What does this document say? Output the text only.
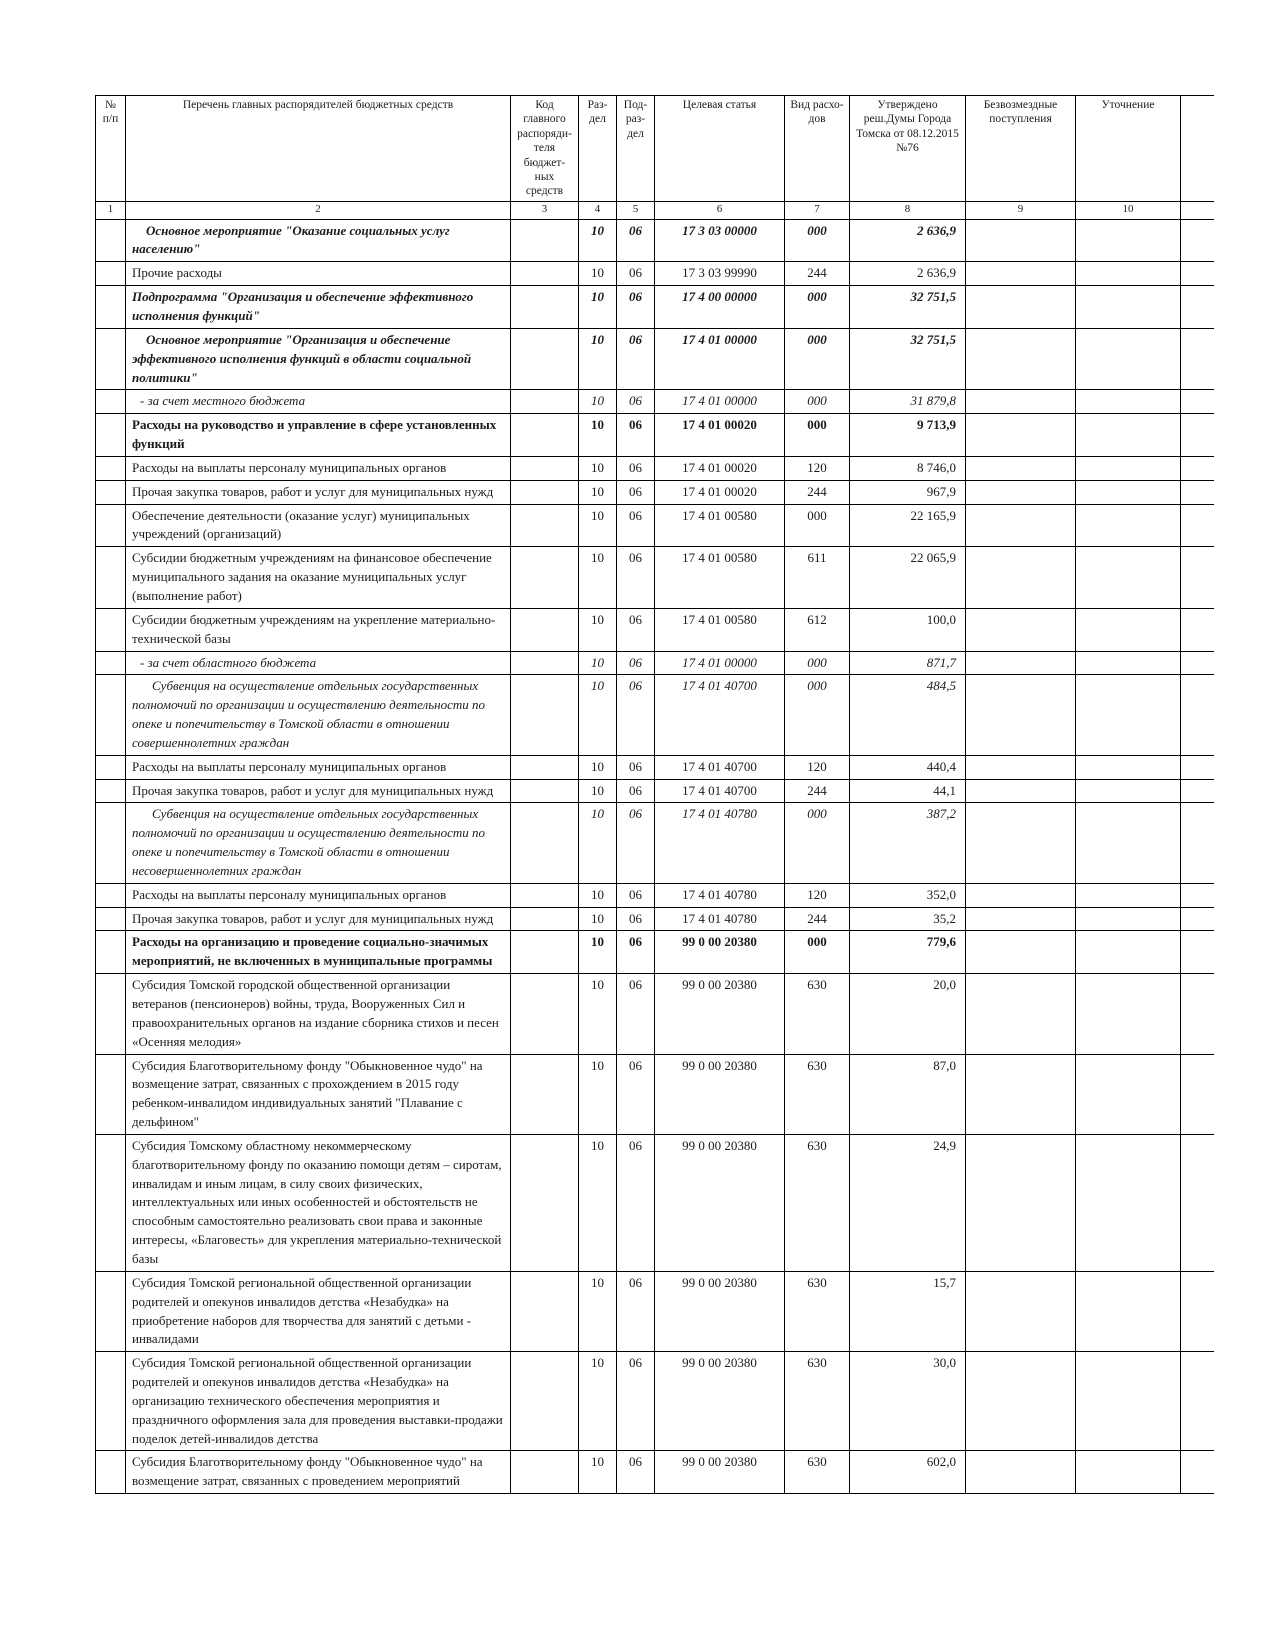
№ п/п	Перечень главных распорядителей бюджетных средств	Код главного распоряди-теля бюджет-ных средств	Раз-дел	Под-раз-дел	Целевая статья	Вид расхо-дов	Утверждено реш.Думы Города Томска от 08.12.2015 №76	Безвозмездные поступления	Уточнение	
1	2	3	4	5	6	7	8	9	10	
	Основное мероприятие "Оказание социальных услуг населению"		10	06	17 3 03 00000	000	2 636,9			
	Прочие расходы		10	06	17 3 03 99990	244	2 636,9			
	Подпрограмма "Организация и обеспечение эффективного исполнения функций"		10	06	17 4 00 00000	000	32 751,5			
	Основное мероприятие "Организация и обеспечение эффективного исполнения функций в области социальной политики"		10	06	17 4 01 00000	000	32 751,5			
	- за счет местного бюджета		10	06	17 4 01 00000	000	31 879,8			
	Расходы на руководство и управление в сфере установленных функций		10	06	17 4 01 00020	000	9 713,9			
	Расходы на выплаты персоналу муниципальных органов		10	06	17 4 01 00020	120	8 746,0			
	Прочая закупка товаров, работ и услуг для муниципальных нужд		10	06	17 4 01 00020	244	967,9			
	Обеспечение деятельности (оказание услуг) муниципальных учреждений (организаций)		10	06	17 4 01 00580	000	22 165,9			
	Субсидии бюджетным учреждениям на финансовое обеспечение муниципального задания на оказание муниципальных услуг (выполнение работ)		10	06	17 4 01 00580	611	22 065,9			
	Субсидии бюджетным учреждениям на укрепление материально-технической базы		10	06	17 4 01 00580	612	100,0			
	- за счет областного бюджета		10	06	17 4 01 00000	000	871,7			
	Субвенция на осуществление отдельных государственных полномочий по организации и осуществлению деятельности по опеке и попечительству в Томской области в отношении совершеннолетних граждан		10	06	17 4 01 40700	000	484,5			
	Расходы на выплаты персоналу муниципальных органов		10	06	17 4 01 40700	120	440,4			
	Прочая закупка товаров, работ и услуг для муниципальных нужд		10	06	17 4 01 40700	244	44,1			
	Субвенция на осуществление отдельных государственных полномочий по организации и осуществлению деятельности по опеке и попечительству в Томской области в отношении несовершеннолетних граждан		10	06	17 4 01 40780	000	387,2			
	Расходы на выплаты персоналу муниципальных органов		10	06	17 4 01 40780	120	352,0			
	Прочая закупка товаров, работ и услуг для муниципальных нужд		10	06	17 4 01 40780	244	35,2			
	Расходы на организацию и проведение социально-значимых мероприятий, не включенных в муниципальные программы		10	06	99 0 00 20380	000	779,6			
	Субсидия Томской городской общественной организации ветеранов (пенсионеров) войны, труда, Вооруженных Сил и правоохранительных органов на издание сборника стихов и песен «Осенняя мелодия»		10	06	99 0 00 20380	630	20,0			
	Субсидия Благотворительному фонду "Обыкновенное чудо" на возмещение затрат, связанных с прохождением в 2015 году ребенком-инвалидом индивидуальных занятий "Плавание с дельфином"		10	06	99 0 00 20380	630	87,0			
	Субсидия Томскому областному некоммерческому благотворительному фонду по оказанию помощи детям – сиротам, инвалидам и иным лицам, в силу своих физических, интеллектуальных или иных особенностей и обстоятельств не способным самостоятельно реализовать свои права и законные интересы, «Благовесть» для укрепления материально-технической базы		10	06	99 0 00 20380	630	24,9			
	Субсидия Томской региональной общественной организации родителей и опекунов инвалидов детства «Незабудка» на приобретение наборов для творчества для занятий с детьми - инвалидами		10	06	99 0 00 20380	630	15,7			
	Субсидия Томской региональной общественной организации родителей и опекунов инвалидов детства «Незабудка» на организацию технического обеспечения мероприятия и праздничного оформления зала для проведения выставки-продажи поделок детей-инвалидов детства		10	06	99 0 00 20380	630	30,0			
	Субсидия Благотворительному фонду "Обыкновенное чудо" на возмещение затрат, связанных с проведением мероприятий		10	06	99 0 00 20380	630	602,0			
